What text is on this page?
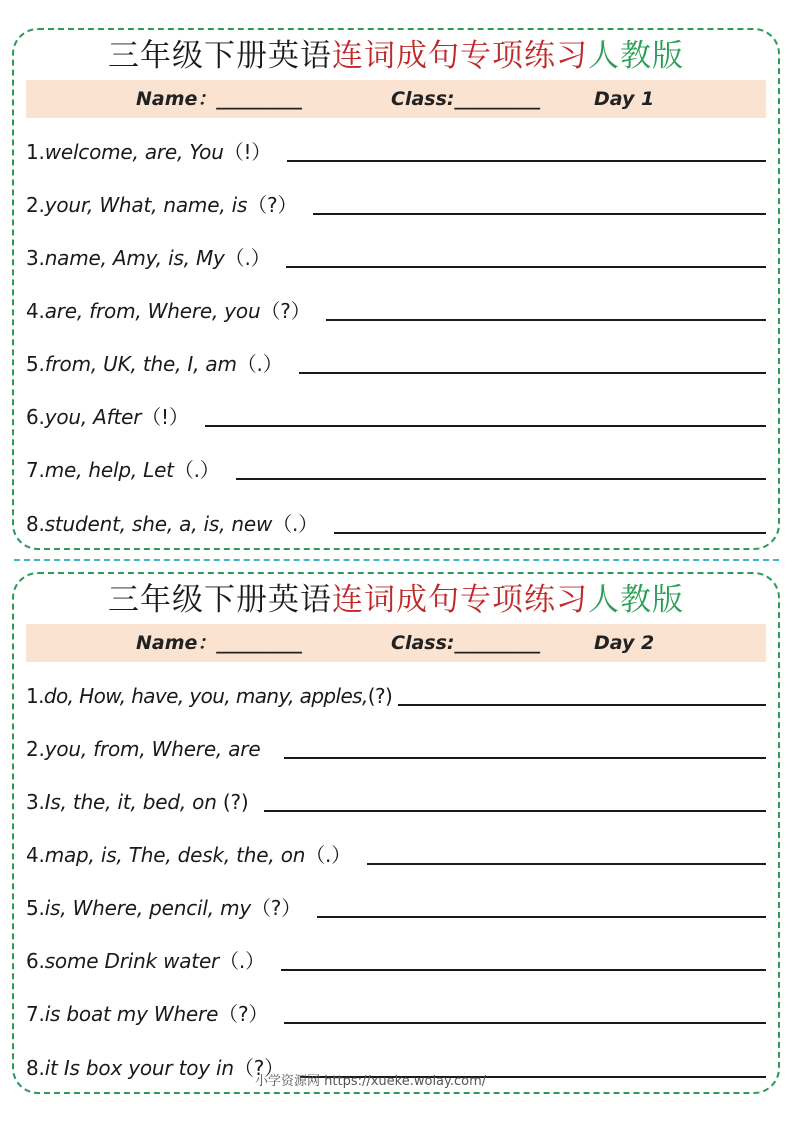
三年级下册英语连词成句专项练习人教版
Name：_________	Class:_________	Day 1
1.welcome, are, You（!）
2.your, What, name, is（?）
3.name, Amy, is, My（.）
4.are, from, Where, you（?）
5.from, UK, the, I, am（.）
6.you, After（!）
7.me, help, Let（.）
8.student, she, a, is, new（.）
三年级下册英语连词成句专项练习人教版
Name：_________	Class:_________	Day 2
1.do, How, have, you, many, apples,(?)
2.you, from, Where, are
3.Is, the, it, bed, on (?)
4.map, is, The, desk, the, on（.）
5.is, Where, pencil, my（?）
6.some Drink water（.）
7.is boat my Where（?）
8.it Is box your toy in（?）
小学资源网 https://xueke.wolay.com/
